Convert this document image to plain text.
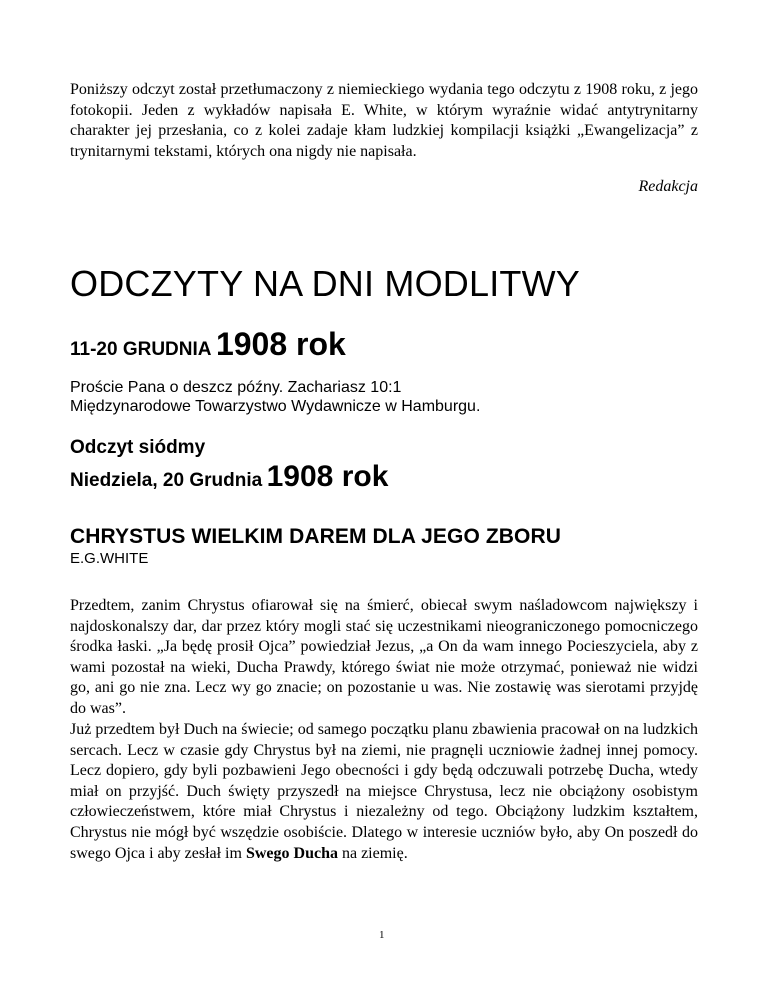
Poniższy odczyt został przetłumaczony z niemieckiego wydania tego odczytu z 1908 roku, z jego fotokopii. Jeden z wykładów napisała E. White, w którym wyraźnie widać antytrynitarny charakter jej przesłania, co z kolei zadaje kłam ludzkiej kompilacji książki „Ewangelizacja” z trynitarnymi tekstami, których ona nigdy nie napisała.

Redakcja
ODCZYTY NA DNI MODLITWY

11-20 GRUDNIA 1908 rok

Proście Pana o deszcz późny. Zachariasz 10:1
Międzynarodowe Towarzystwo Wydawnicze w Hamburgu.

Odczyt siódmy

Niedziela, 20 Grudnia 1908 rok

CHRYSTUS WIELKIM DAREM DLA JEGO ZBORU

E.G.WHITE

Przedtem, zanim Chrystus ofiarował się na śmierć, obiecał swym naśladowcom największy i najdoskonalszy dar, dar przez który mogli stać się uczestnikami nieograniczonego pomocniczego środka łaski. „Ja będę prosił Ojca” powiedział Jezus, „a On da wam innego Pocieszyciela, aby z wami pozostał na wieki, Ducha Prawdy, którego świat nie może otrzymać, ponieważ nie widzi go, ani go nie zna. Lecz wy go znacie; on pozostanie u was. Nie zostawię was sierotami przyjdę do was”.

Już przedtem był Duch na świecie; od samego początku planu zbawienia pracował on na ludzkich sercach. Lecz w czasie gdy Chrystus był na ziemi, nie pragnęli uczniowie żadnej innej pomocy. Lecz dopiero, gdy byli pozbawieni Jego obecności i gdy będą odczuwali potrzebę Ducha, wtedy miał on przyjść. Duch święty przyszedł na miejsce Chrystusa, lecz nie obciążony osobistym człowieczeństwem, które miał Chrystus i niezależny od tego. Obciążony ludzkim kształtem, Chrystus nie mógł być wszędzie osobiście. Dlatego w interesie uczniów było, aby On poszedł do swego Ojca i aby zesłał im Swego Ducha na ziemię.

1
